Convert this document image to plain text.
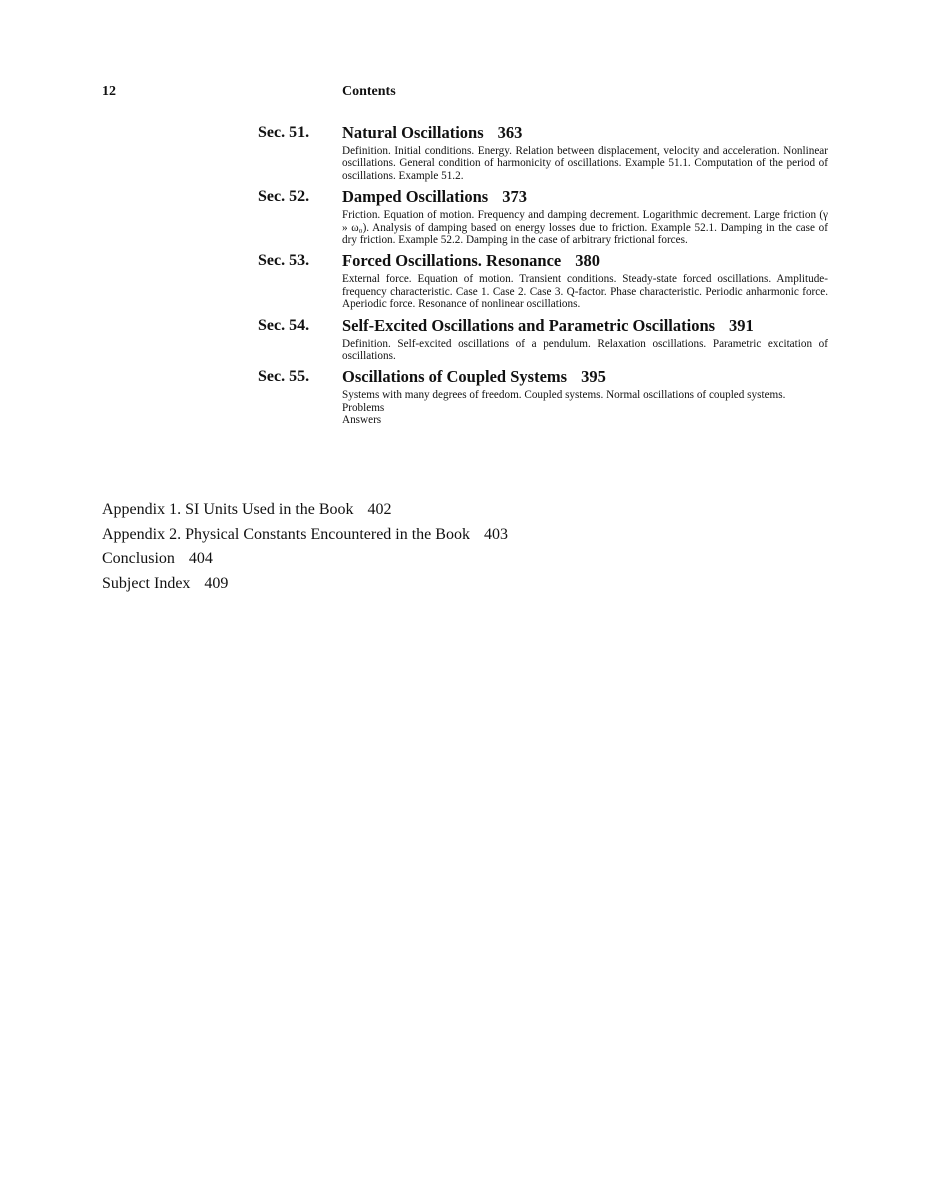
12	Contents
Sec. 51.	Natural Oscillations 363
Definition. Initial conditions. Energy. Relation between displacement, velocity and acceleration. Nonlinear oscillations. General condition of harmonicity of oscillations. Example 51.1. Computation of the period of oscillations. Example 51.2.
Sec. 52.	Damped Oscillations 373
Friction. Equation of motion. Frequency and damping decrement. Logarithmic decrement. Large friction (γ » ω₀). Analysis of damping based on energy losses due to friction. Example 52.1. Damping in the case of dry friction. Example 52.2. Damping in the case of arbitrary frictional forces.
Sec. 53.	Forced Oscillations. Resonance 380
External force. Equation of motion. Transient conditions. Steady-state forced oscillations. Amplitude-frequency characteristic. Case 1. Case 2. Case 3. Q-factor. Phase characteristic. Periodic anharmonic force. Aperiodic force. Resonance of nonlinear oscillations.
Sec. 54.	Self-Excited Oscillations and Parametric Oscillations 391
Definition. Self-excited oscillations of a pendulum. Relaxation oscillations. Parametric excitation of oscillations.
Sec. 55.	Oscillations of Coupled Systems 395
Systems with many degrees of freedom. Coupled systems. Normal oscillations of coupled systems.
Problems
Answers
Appendix 1. SI Units Used in the Book 402
Appendix 2. Physical Constants Encountered in the Book 403
Conclusion 404
Subject Index 409
